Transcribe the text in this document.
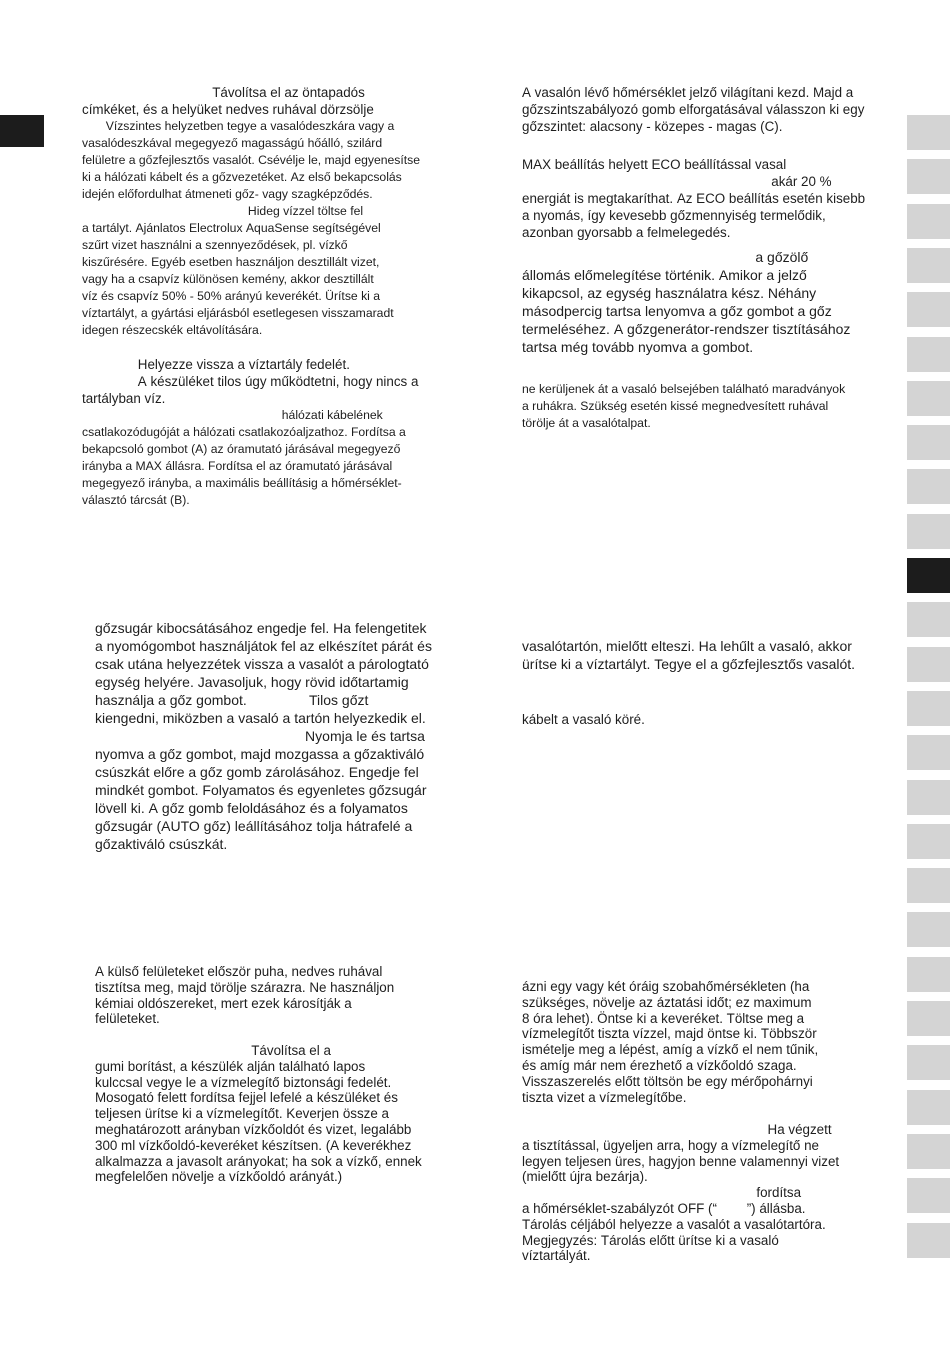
Távolítsa el az öntapadós
címkéket, és a helyüket nedves ruhával dörzsölje
Vízszintes helyzetben tegye a vasalódeszkára vagy a
vasalódeszkával megegyező magasságú hőálló, szilárd
felületre a gőzfejlesztős vasalót. Csévélje le, majd egyenesítse
ki a hálózati kábelt és a gőzvezetéket. Az első bekapcsolás
idején előfordulhat átmeneti gőz- vagy szagképződés.
Hideg vízzel töltse fel
a tartályt. Ajánlatos Electrolux AquaSense segítségével
szűrt vizet használni a szennyeződések, pl. vízkő
kiszűrésére. Egyéb esetben használjon desztillált vizet,
vagy ha a csapvíz különösen kemény, akkor desztillált
víz és csapvíz 50% - 50% arányú keverékét. Ürítse ki a
víztartályt, a gyártási eljárásból esetlegesen visszamaradt
idegen részecskék eltávolítására.
Helyezze vissza a víztartály fedelét.
A készüléket tilos úgy működtetni, hogy nincs a
tartályban víz.
hálózati kábelének
csatlakozódugóját a hálózati csatlakozóaljzathoz. Fordítsa a
bekapcsoló gombot (A) az óramutató járásával megegyező
irányba a MAX állásra. Fordítsa el az óramutató járásával
megegyező irányba, a maximális beállításig a hőmérséklet-
választó tárcsát (B).
gőzsugár kibocsátásához engedje fel. Ha felengetitek
a nyomógombot használjátok fel az elkészítet párát és
csak utána helyezzétek vissza a vasalót a párologtató
egység helyére. Javasoljuk, hogy rövid időtartamig
használja a gőz gombot.                Tilos gőzt
kiengedni, miközben a vasaló a tartón helyezkedik el.
Nyomja le és tartsa
nyomva a gőz gombot, majd mozgassa a gőzaktiváló
csúszkát előre a gőz gomb zárolásához. Engedje fel
mindkét gombot. Folyamatos és egyenletes gőzsugár
lövell ki. A gőz gomb feloldásához és a folyamatos
gőzsugár (AUTO gőz) leállításához tolja hátrafelé a
gőzaktiváló csúszkát.
A külső felületeket először puha, nedves ruhával
tisztítsa meg, majd törölje szárazra. Ne használjon
kémiai oldószereket, mert ezek károsítják a
felületeket.
Távolítsa el a
gumi borítást, a készülék alján található lapos
kulccsal vegye le a vízmelegítő biztonsági fedelét.
Mosogató felett fordítsa fejjel lefelé a készüléket és
teljesen ürítse ki a vízmelegítőt. Keverjen össze a
meghatározott arányban vízkőoldót és vizet, legalább
300 ml vízkőoldó-keveréket készítsen. (A keverékhez
alkalmazza a javasolt arányokat; ha sok a vízkő, ennek
megfelelően növelje a vízkőoldó arányát.)
A vasalón lévő hőmérséklet jelző világítani kezd. Majd a
gőzszintszabályozó gomb elforgatásával válasszon ki egy
gőzszintet: alacsony - közepes - magas (C).
MAX beállítás helyett ECO beállítással vasal
akár 20 %
energiát is megtakaríthat. Az ECO beállítás esetén kisebb
a nyomás, így kevesebb gőzmennyiség termelődik,
azonban gyorsabb a felmelegedés.
a gőzölő
állomás előmelegítése történik. Amikor a jelző
kikapcsol, az egység használatra kész. Néhány
másodpercig tartsa lenyomva a gőz gombot a gőz
termeléséhez. A gőzgenerátor-rendszer tisztításához
tartsa még tovább nyomva a gombot.
ne kerüljenek át a vasaló belsejében található maradványok
a ruhákra. Szükség esetén kissé megnedvesített ruhával
törölje át a vasalótalpat.
vasalótartón, mielőtt elteszi. Ha lehűlt a vasaló, akkor
ürítse ki a víztartályt. Tegye el a gőzfejlesztős vasalót.
kábelt a vasaló köré.
ázni egy vagy két óráig szobahőmérsékleten (ha
szükséges, növelje az áztatási időt; ez maximum
8 óra lehet). Öntse ki a keveréket. Töltse meg a
vízmelegítőt tiszta vízzel, majd öntse ki. Többször
ismételje meg a lépést, amíg a vízkő el nem tűnik,
és amíg már nem érezhető a vízkőoldó szaga.
Visszaszerelés előtt töltsön be egy mérőpohárnyi
tiszta vizet a vízmelegítőbe.
Ha végzett
a tisztítással, ügyeljen arra, hogy a vízmelegítő ne
legyen teljesen üres, hagyjon benne valamennyi vizet
(mielőtt újra bezárja).
fordítsa
a hőmérséklet-szabályzót OFF (“        ”) állásba.
Tárolás céljából helyezze a vasalót a vasalótartóra.
Megjegyzés: Tárolás előtt ürítse ki a vasaló
víztartályát.
